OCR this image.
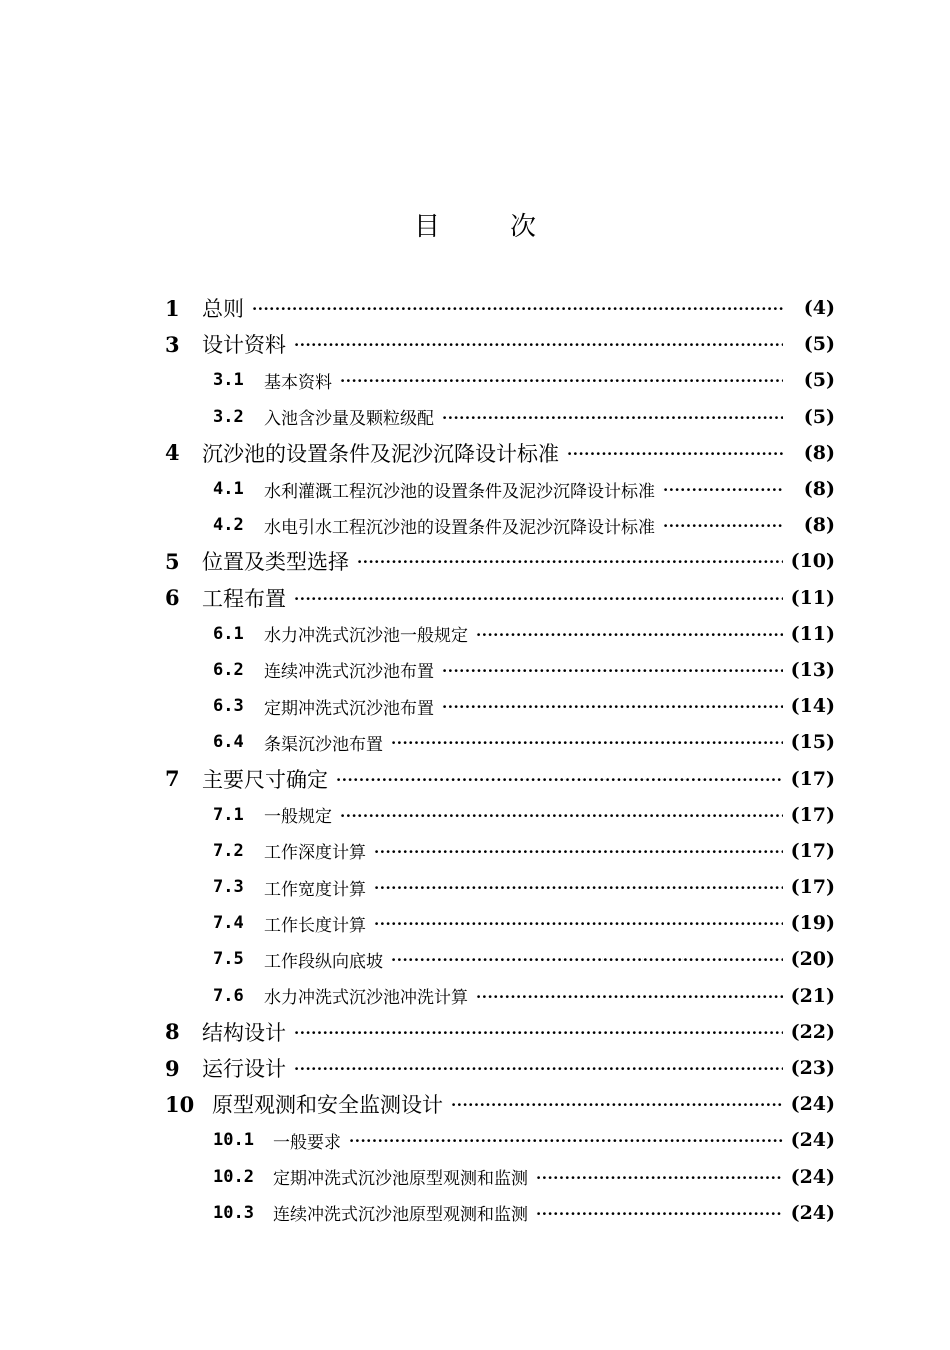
目	次
1	总则 ·····	(4)
3	设计资料 ·····	(5)
3.1	基本资料 ·····	(5)
3.2	入池含沙量及颗粒级配 ·····	(5)
4	沉沙池的设置条件及泥沙沉降设计标准 ·····	(8)
4.1	水利灌溉工程沉沙池的设置条件及泥沙沉降设计标准 ·····	(8)
4.2	水电引水工程沉沙池的设置条件及泥沙沉降设计标准 ·····	(8)
5	位置及类型选择 ·····	(10)
6	工程布置 ·····	(11)
6.1	水力冲洗式沉沙池一般规定 ·····	(11)
6.2	连续冲洗式沉沙池布置 ·····	(13)
6.3	定期冲洗式沉沙池布置 ·····	(14)
6.4	条渠沉沙池布置 ·····	(15)
7	主要尺寸确定 ·····	(17)
7.1	一般规定 ·····	(17)
7.2	工作深度计算 ·····	(17)
7.3	工作宽度计算 ·····	(17)
7.4	工作长度计算 ·····	(19)
7.5	工作段纵向底坡 ·····	(20)
7.6	水力冲洗式沉沙池冲洗计算 ·····	(21)
8	结构设计 ·····	(22)
9	运行设计 ·····	(23)
10 原型观测和安全监测设计 ·····	(24)
10.1	一般要求 ·····	(24)
10.2	定期冲洗式沉沙池原型观测和监测 ·····	(24)
10.3	连续冲洗式沉沙池原型观测和监测 ·····	(24)
